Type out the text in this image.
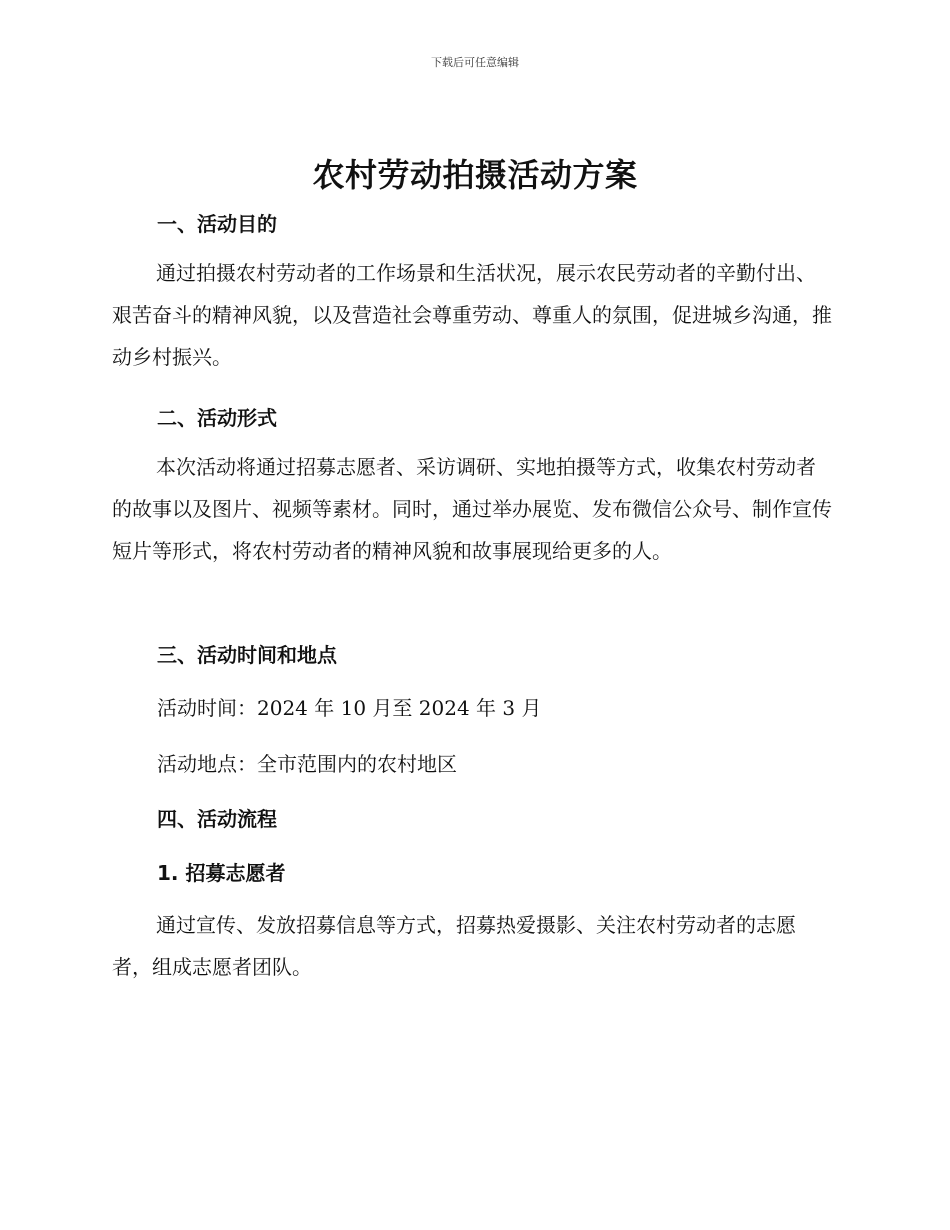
下载后可任意编辑
农村劳动拍摄活动方案
一、活动目的

通过拍摄农村劳动者的工作场景和生活状况，展示农民劳动者的辛勤付出、艰苦奋斗的精神风貌，以及营造社会尊重劳动、尊重人的氛围，促进城乡沟通，推动乡村振兴。

二、活动形式

本次活动将通过招募志愿者、采访调研、实地拍摄等方式，收集农村劳动者的故事以及图片、视频等素材。同时，通过举办展览、发布微信公众号、制作宣传短片等形式，将农村劳动者的精神风貌和故事展现给更多的人。

三、活动时间和地点
活动时间：2024 年 10 月至 2024 年 3 月
活动地点：全市范围内的农村地区
四、活动流程
1. 招募志愿者

通过宣传、发放招募信息等方式，招募热爱摄影、关注农村劳动者的志愿者，组成志愿者团队。
